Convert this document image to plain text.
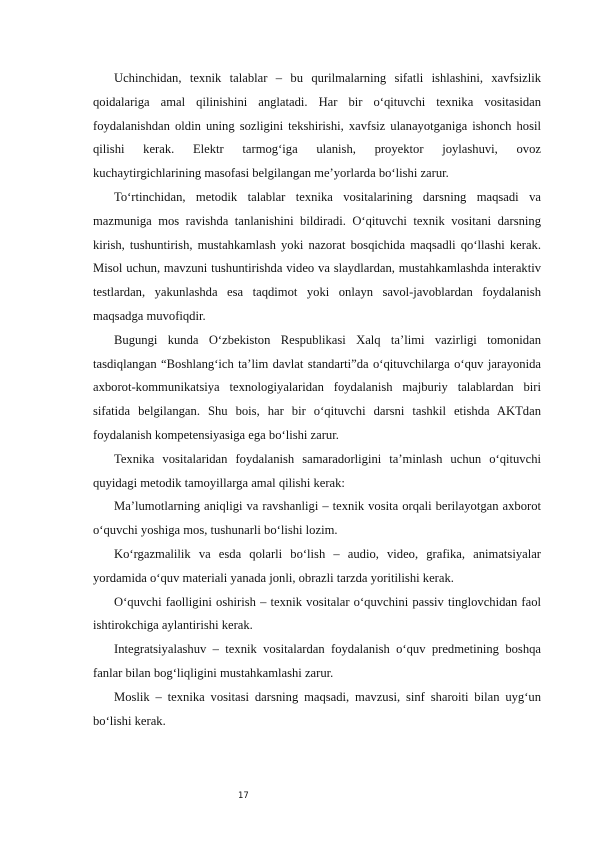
Uchinchidan, texnik talablar – bu qurilmalarning sifatli ishlashini, xavfsizlik qoidalariga amal qilinishini anglatadi. Har bir o‘qituvchi texnika vositasidan foydalanishdan oldin uning sozligini tekshirishi, xavfsiz ulanayotganiga ishonch hosil qilishi kerak. Elektr tarmog‘iga ulanish, proyektor joylashuvi, ovoz kuchaytirgichlarining masofasi belgilangan me’yorlarda bo‘lishi zarur.

To‘rtinchidan, metodik talablar texnika vositalarining darsning maqsadi va mazmuniga mos ravishda tanlanishini bildiradi. O‘qituvchi texnik vositani darsning kirish, tushuntirish, mustahkamlash yoki nazorat bosqichida maqsadli qo‘llashi kerak. Misol uchun, mavzuni tushuntirishda video va slaydlardan, mustahkamlashda interaktiv testlardan, yakunlashda esa taqdimot yoki onlayn savol-javoblardan foydalanish maqsadga muvofiqdir.

Bugungi kunda O‘zbekiston Respublikasi Xalq ta’limi vazirligi tomonidan tasdiqlangan “Boshlang‘ich ta’lim davlat standarti”da o‘qituvchilarga o‘quv jarayonida axborot-kommunikatsiya texnologiyalaridan foydalanish majburiy talablardan biri sifatida belgilangan. Shu bois, har bir o‘qituvchi darsni tashkil etishda AKTdan foydalanish kompetensiyasiga ega bo‘lishi zarur.

Texnika vositalaridan foydalanish samaradorligini ta’minlash uchun o‘qituvchi quyidagi metodik tamoyillarga amal qilishi kerak:

Ma’lumotlarning aniqligi va ravshanligi – texnik vosita orqali berilayotgan axborot o‘quvchi yoshiga mos, tushunarli bo‘lishi lozim.

Ko‘rgazmalilik va esda qolarli bo‘lish – audio, video, grafika, animatsiyalar yordamida o‘quv materiali yanada jonli, obrazli tarzda yoritilishi kerak.

O‘quvchi faolligini oshirish – texnik vositalar o‘quvchini passiv tinglovchidan faol ishtirokchiga aylantirishi kerak.

Integratsiyalashuv – texnik vositalardan foydalanish o‘quv predmetining boshqa fanlar bilan bog‘liqligini mustahkamlashi zarur.

Moslik – texnika vositasi darsning maqsadi, mavzusi, sinf sharoiti bilan uyg‘un bo‘lishi kerak.

17
